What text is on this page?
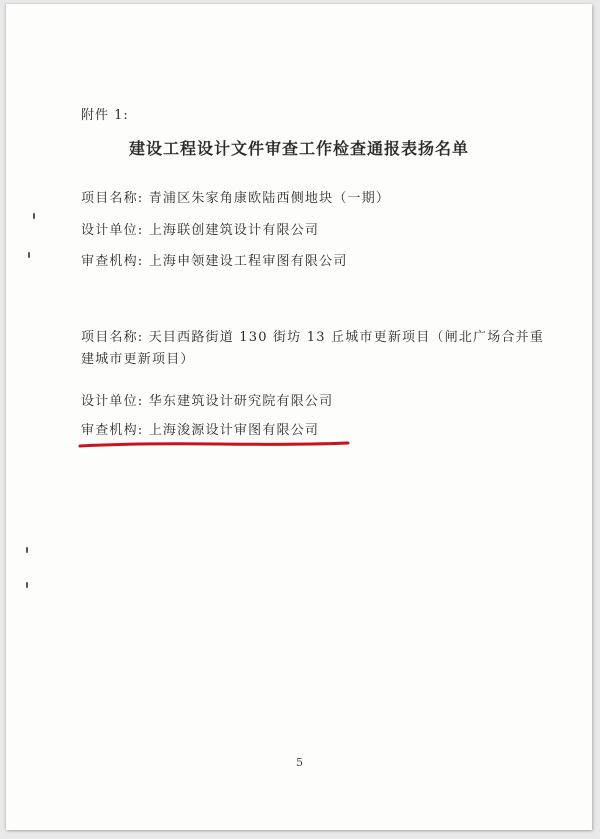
附件 1:
建设工程设计文件审查工作检查通报表扬名单
项目名称: 青浦区朱家角康欧陆西侧地块（一期）
设计单位: 上海联创建筑设计有限公司
审查机构: 上海申领建设工程审图有限公司
项目名称: 天目西路街道 130 街坊 13 丘城市更新项目（闸北广场合并重建城市更新项目）
设计单位: 华东建筑设计研究院有限公司
审查机构: 上海浚源设计审图有限公司
5
